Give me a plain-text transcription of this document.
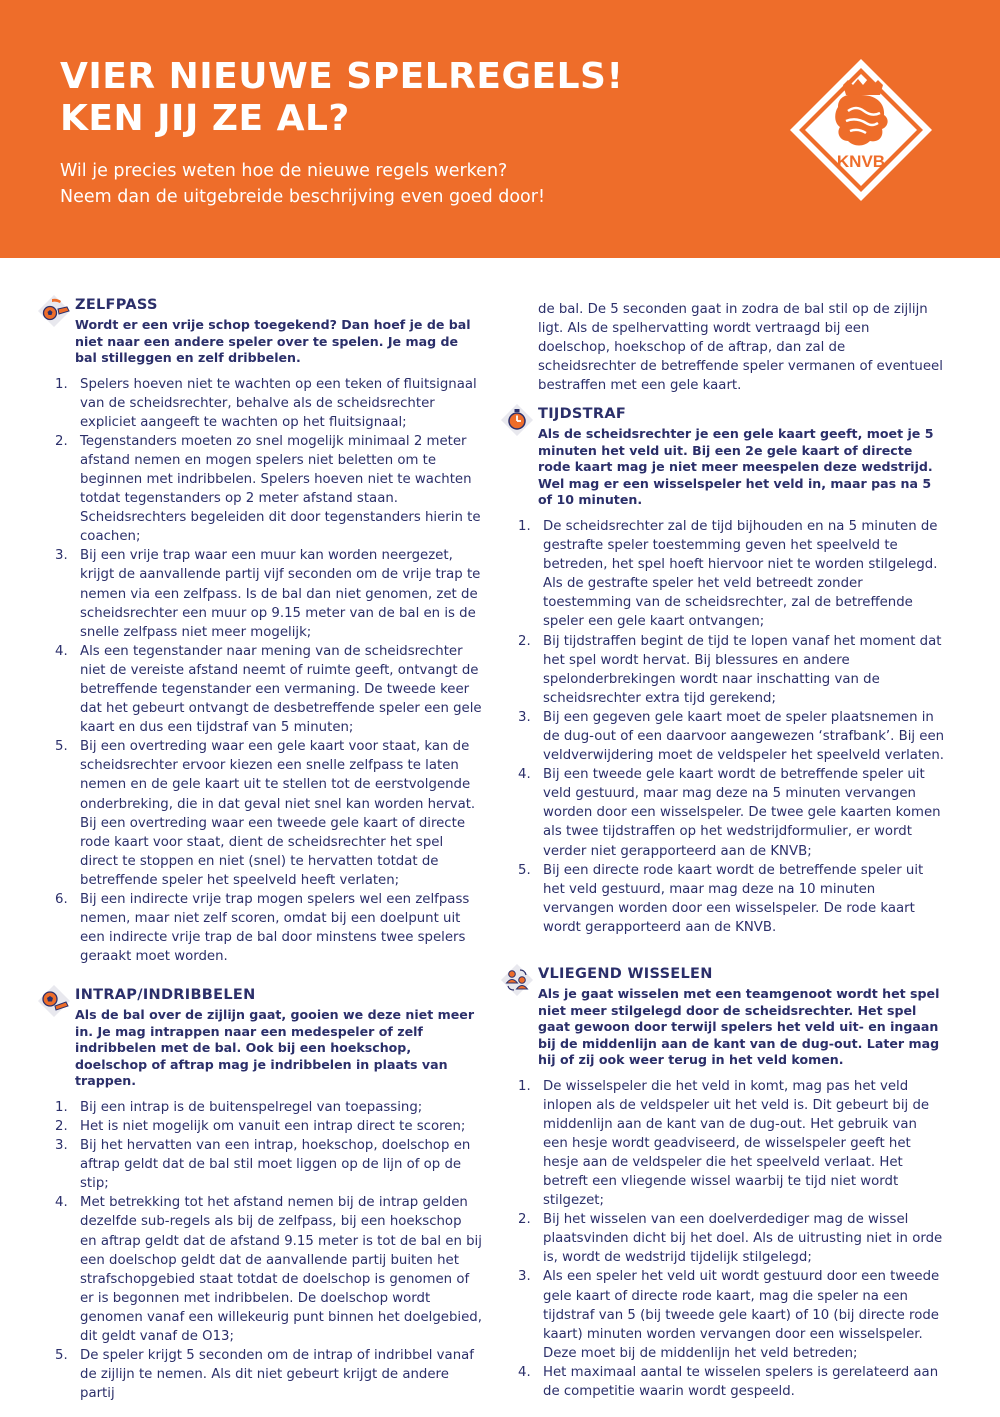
VIER NIEUWE SPELREGELS!
KEN JIJ ZE AL?

Wil je precies weten hoe de nieuwe regels werken?
Neem dan de uitgebreide beschrijving even goed door!

KNVB
ZELFPASS

Wordt er een vrije schop toegekend? Dan hoef je de bal niet naar een andere speler over te spelen. Je mag de bal stilleggen en zelf dribbelen.

1. Spelers hoeven niet te wachten op een teken of fluitsignaal van de scheidsrechter, behalve als de scheidsrechter expliciet aangeeft te wachten op het fluitsignaal;
2. Tegenstanders moeten zo snel mogelijk minimaal 2 meter afstand nemen en mogen spelers niet beletten om te beginnen met indribbelen. Spelers hoeven niet te wachten totdat tegenstanders op 2 meter afstand staan. Scheidsrechters begeleiden dit door tegenstanders hierin te coachen;
3. Bij een vrije trap waar een muur kan worden neergezet, krijgt de aanvallende partij vijf seconden om de vrije trap te nemen via een zelfpass. Is de bal dan niet genomen, zet de scheidsrechter een muur op 9.15 meter van de bal en is de snelle zelfpass niet meer mogelijk;
4. Als een tegenstander naar mening van de scheidsrechter niet de vereiste afstand neemt of ruimte geeft, ontvangt de betreffende tegenstander een vermaning. De tweede keer dat het gebeurt ontvangt de desbetreffende speler een gele kaart en dus een tijdstraf van 5 minuten;
5. Bij een overtreding waar een gele kaart voor staat, kan de scheidsrechter ervoor kiezen een snelle zelfpass te laten nemen en de gele kaart uit te stellen tot de eerstvolgende onderbreking, die in dat geval niet snel kan worden hervat. Bij een overtreding waar een tweede gele kaart of directe rode kaart voor staat, dient de scheidsrechter het spel direct te stoppen en niet (snel) te hervatten totdat de betreffende speler het speelveld heeft verlaten;
6. Bij een indirecte vrije trap mogen spelers wel een zelfpass nemen, maar niet zelf scoren, omdat bij een doelpunt uit een indirecte vrije trap de bal door minstens twee spelers geraakt moet worden.
INTRAP/INDRIBBELEN

Als de bal over de zijlijn gaat, gooien we deze niet meer in. Je mag intrappen naar een medespeler of zelf indribbelen met de bal. Ook bij een hoekschop, doelschop of aftrap mag je indribbelen in plaats van trappen.

1. Bij een intrap is de buitenspelregel van toepassing;
2. Het is niet mogelijk om vanuit een intrap direct te scoren;
3. Bij het hervatten van een intrap, hoekschop, doelschop en aftrap geldt dat de bal stil moet liggen op de lijn of op de stip;
4. Met betrekking tot het afstand nemen bij de intrap gelden dezelfde sub-regels als bij de zelfpass, bij een hoekschop en aftrap geldt dat de afstand 9.15 meter is tot de bal en bij een doelschop geldt dat de aanvallende partij buiten het strafschopgebied staat totdat de doelschop is genomen of er is begonnen met indribbelen. De doelschop wordt genomen vanaf een willekeurig punt binnen het doelgebied, dit geldt vanaf de O13;
5. De speler krijgt 5 seconden om de intrap of indribbel vanaf de zijlijn te nemen. Als dit niet gebeurt krijgt de andere partij

de bal. De 5 seconden gaat in zodra de bal stil op de zijlijn ligt. Als de spelhervatting wordt vertraagd bij een doelschop, hoekschop of de aftrap, dan zal de scheidsrechter de betreffende speler vermanen of eventueel bestraffen met een gele kaart.

TIJDSTRAF

Als de scheidsrechter je een gele kaart geeft, moet je 5 minuten het veld uit. Bij een 2e gele kaart of directe rode kaart mag je niet meer meespelen deze wedstrijd. Wel mag er een wisselspeler het veld in, maar pas na 5 of 10 minuten.

1. De scheidsrechter zal de tijd bijhouden en na 5 minuten de gestrafte speler toestemming geven het speelveld te betreden, het spel hoeft hiervoor niet te worden stilgelegd. Als de gestrafte speler het veld betreedt zonder toestemming van de scheidsrechter, zal de betreffende speler een gele kaart ontvangen;
2. Bij tijdstraffen begint de tijd te lopen vanaf het moment dat het spel wordt hervat. Bij blessures en andere spelonderbrekingen wordt naar inschatting van de scheidsrechter extra tijd gerekend;
3. Bij een gegeven gele kaart moet de speler plaatsnemen in de dug-out of een daarvoor aangewezen ‘strafbank’. Bij een veldverwijdering moet de veldspeler het speelveld verlaten.
4. Bij een tweede gele kaart wordt de betreffende speler uit veld gestuurd, maar mag deze na 5 minuten vervangen worden door een wisselspeler. De twee gele kaarten komen als twee tijdstraffen op het wedstrijdformulier, er wordt verder niet gerapporteerd aan de KNVB;
5. Bij een directe rode kaart wordt de betreffende speler uit het veld gestuurd, maar mag deze na 10 minuten vervangen worden door een wisselspeler. De rode kaart wordt gerapporteerd aan de KNVB.
VLIEGEND WISSELEN

Als je gaat wisselen met een teamgenoot wordt het spel niet meer stilgelegd door de scheidsrechter. Het spel gaat gewoon door terwijl spelers het veld uit- en ingaan bij de middenlijn aan de kant van de dug-out. Later mag hij of zij ook weer terug in het veld komen.

1. De wisselspeler die het veld in komt, mag pas het veld inlopen als de veldspeler uit het veld is. Dit gebeurt bij de middenlijn aan de kant van de dug-out. Het gebruik van een hesje wordt geadviseerd, de wisselspeler geeft het hesje aan de veldspeler die het speelveld verlaat. Het betreft een vliegende wissel waarbij te tijd niet wordt stilgezet;
2. Bij het wisselen van een doelverdediger mag de wissel plaatsvinden dicht bij het doel. Als de uitrusting niet in orde is, wordt de wedstrijd tijdelijk stilgelegd;
3. Als een speler het veld uit wordt gestuurd door een tweede gele kaart of directe rode kaart, mag die speler na een tijdstraf van 5 (bij tweede gele kaart) of 10 (bij directe rode kaart) minuten worden vervangen door een wisselspeler. Deze moet bij de middenlijn het veld betreden;
4. Het maximaal aantal te wisselen spelers is gerelateerd aan de competitie waarin wordt gespeeld.
